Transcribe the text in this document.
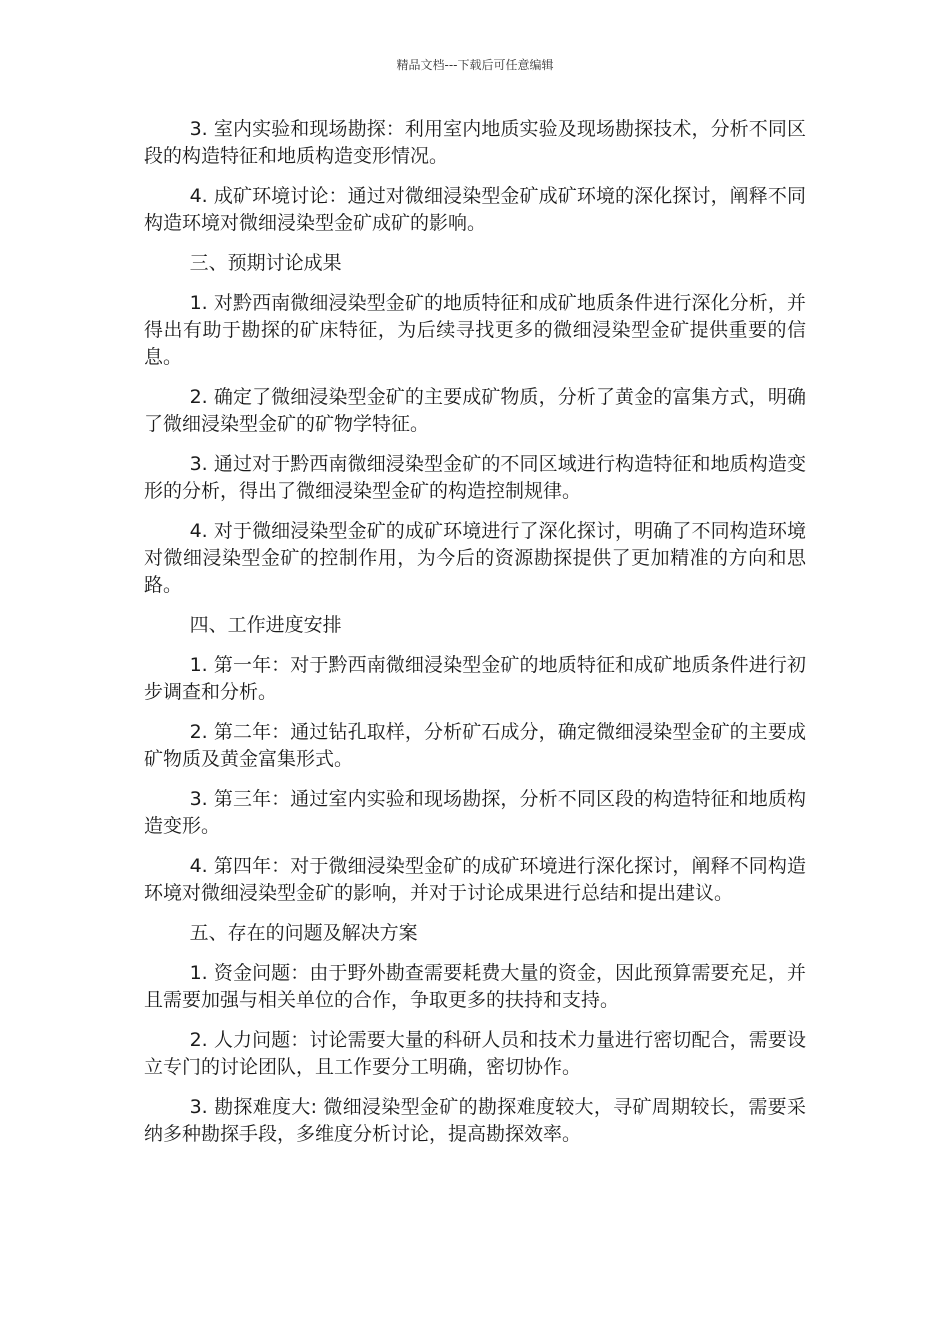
精品文档---下载后可任意编辑

3. 室内实验和现场勘探：利用室内地质实验及现场勘探技术，分析不同区段的构造特征和地质构造变形情况。

4. 成矿环境讨论：通过对微细浸染型金矿成矿环境的深化探讨，阐释不同构造环境对微细浸染型金矿成矿的影响。

三、预期讨论成果

1. 对黔西南微细浸染型金矿的地质特征和成矿地质条件进行深化分析，并得出有助于勘探的矿床特征，为后续寻找更多的微细浸染型金矿提供重要的信息。

2. 确定了微细浸染型金矿的主要成矿物质，分析了黄金的富集方式，明确了微细浸染型金矿的矿物学特征。

3. 通过对于黔西南微细浸染型金矿的不同区域进行构造特征和地质构造变形的分析，得出了微细浸染型金矿的构造控制规律。

4. 对于微细浸染型金矿的成矿环境进行了深化探讨，明确了不同构造环境对微细浸染型金矿的控制作用，为今后的资源勘探提供了更加精准的方向和思路。

四、工作进度安排

1. 第一年：对于黔西南微细浸染型金矿的地质特征和成矿地质条件进行初步调查和分析。

2. 第二年：通过钻孔取样，分析矿石成分，确定微细浸染型金矿的主要成矿物质及黄金富集形式。

3. 第三年：通过室内实验和现场勘探，分析不同区段的构造特征和地质构造变形。

4. 第四年：对于微细浸染型金矿的成矿环境进行深化探讨，阐释不同构造环境对微细浸染型金矿的影响，并对于讨论成果进行总结和提出建议。

五、存在的问题及解决方案

1. 资金问题：由于野外勘查需要耗费大量的资金，因此预算需要充足，并且需要加强与相关单位的合作，争取更多的扶持和支持。

2. 人力问题：讨论需要大量的科研人员和技术力量进行密切配合，需要设立专门的讨论团队，且工作要分工明确，密切协作。

3. 勘探难度大: 微细浸染型金矿的勘探难度较大，寻矿周期较长，需要采纳多种勘探手段，多维度分析讨论，提高勘探效率。
